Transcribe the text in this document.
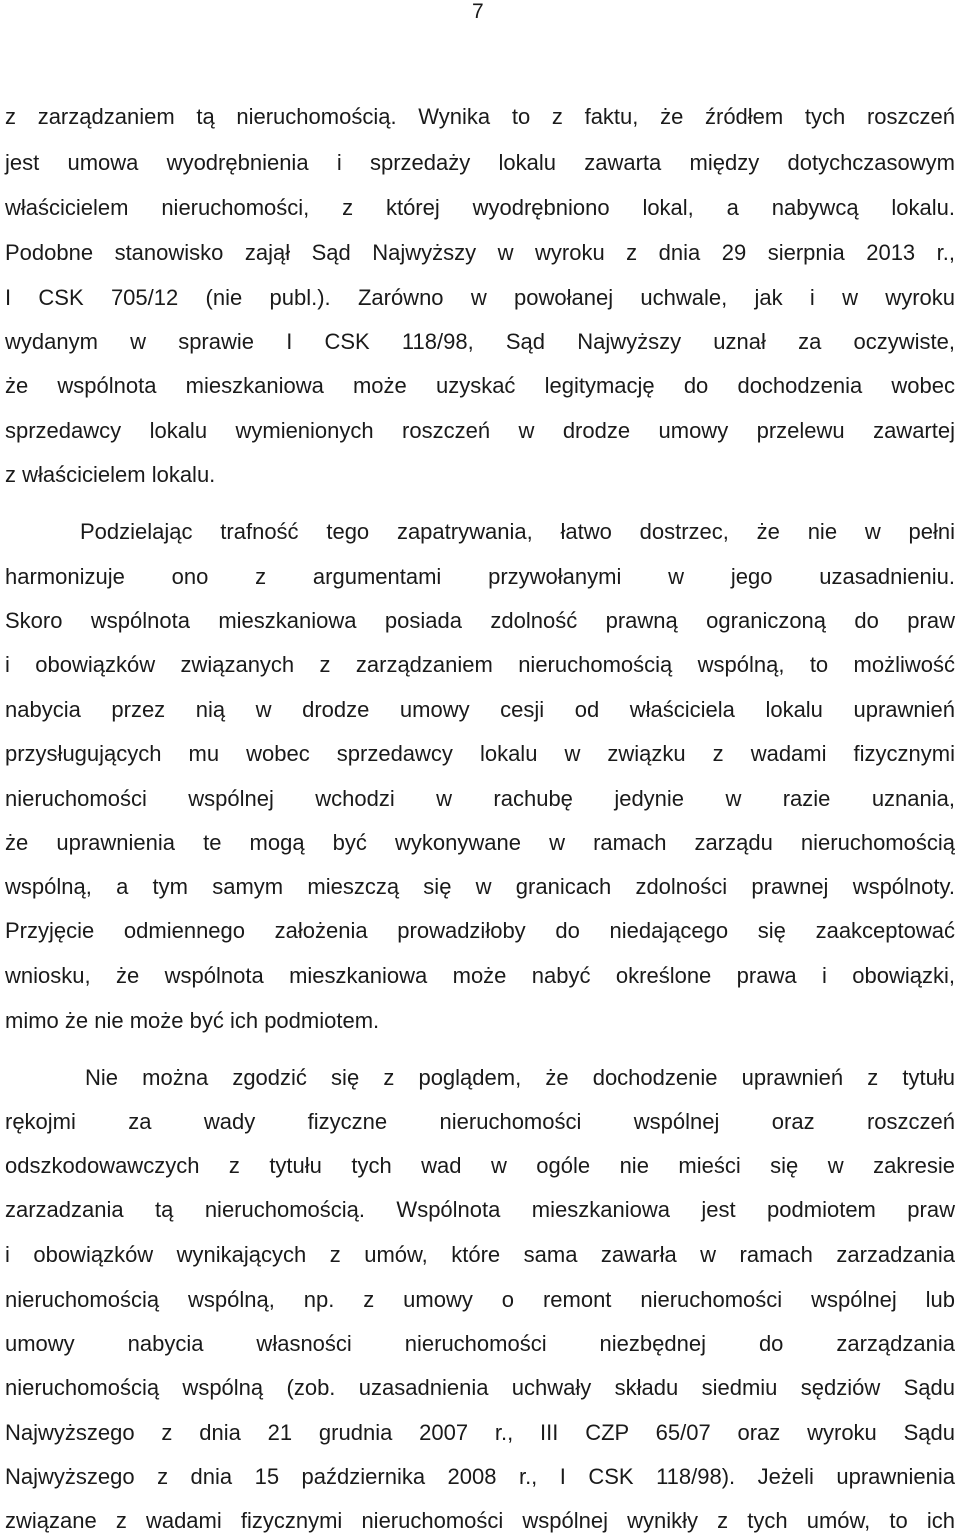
7
z zarządzaniem tą nieruchomością. Wynika to z faktu, że źródłem tych roszczeń
jest umowa wyodrębnienia i sprzedaży lokalu zawarta między dotychczasowym
właścicielem nieruchomości, z której wyodrębniono lokal, a nabywcą lokalu.
Podobne stanowisko zajął Sąd Najwyższy w wyroku z dnia 29 sierpnia 2013 r.,
I CSK 705/12 (nie publ.). Zarówno w powołanej uchwale, jak i w wyroku
wydanym w sprawie I CSK 118/98, Sąd Najwyższy uznał za oczywiste,
że wspólnota mieszkaniowa może uzyskać legitymację do dochodzenia wobec
sprzedawcy lokalu wymienionych roszczeń w drodze umowy przelewu zawartej
z właścicielem lokalu.
Podzielając trafność tego zapatrywania, łatwo dostrzec, że nie w pełni
harmonizuje ono z argumentami przywołanymi w jego uzasadnieniu.
Skoro wspólnota mieszkaniowa posiada zdolność prawną ograniczoną do praw
i obowiązków związanych z zarządzaniem nieruchomością wspólną, to możliwość
nabycia przez nią w drodze umowy cesji od właściciela lokalu uprawnień
przysługujących mu wobec sprzedawcy lokalu w związku z wadami fizycznymi
nieruchomości wspólnej wchodzi w rachubę jedynie w razie uznania,
że uprawnienia te mogą być wykonywane w ramach zarządu nieruchomością
wspólną, a tym samym mieszczą się w granicach zdolności prawnej wspólnoty.
Przyjęcie odmiennego założenia prowadziłoby do niedającego się zaakceptować
wniosku, że wspólnota mieszkaniowa może nabyć określone prawa i obowiązki,
mimo że nie może być ich podmiotem.
Nie można zgodzić się z poglądem, że dochodzenie uprawnień z tytułu
rękojmi za wady fizyczne nieruchomości wspólnej oraz roszczeń
odszkodowawczych z tytułu tych wad w ogóle nie mieści się w zakresie
zarzadzania tą nieruchomością. Wspólnota mieszkaniowa jest podmiotem praw
i obowiązków wynikających z umów, które sama zawarła w ramach zarzadzania
nieruchomością wspólną, np. z umowy o remont nieruchomości wspólnej lub
umowy nabycia własności nieruchomości niezbędnej do zarządzania
nieruchomością wspólną (zob. uzasadnienia uchwały składu siedmiu sędziów Sądu
Najwyższego z dnia 21 grudnia 2007 r., III CZP 65/07 oraz wyroku Sądu
Najwyższego z dnia 15 października 2008 r., I CSK 118/98). Jeżeli uprawnienia
związane z wadami fizycznymi nieruchomości wspólnej wynikły z tych umów, to ich
